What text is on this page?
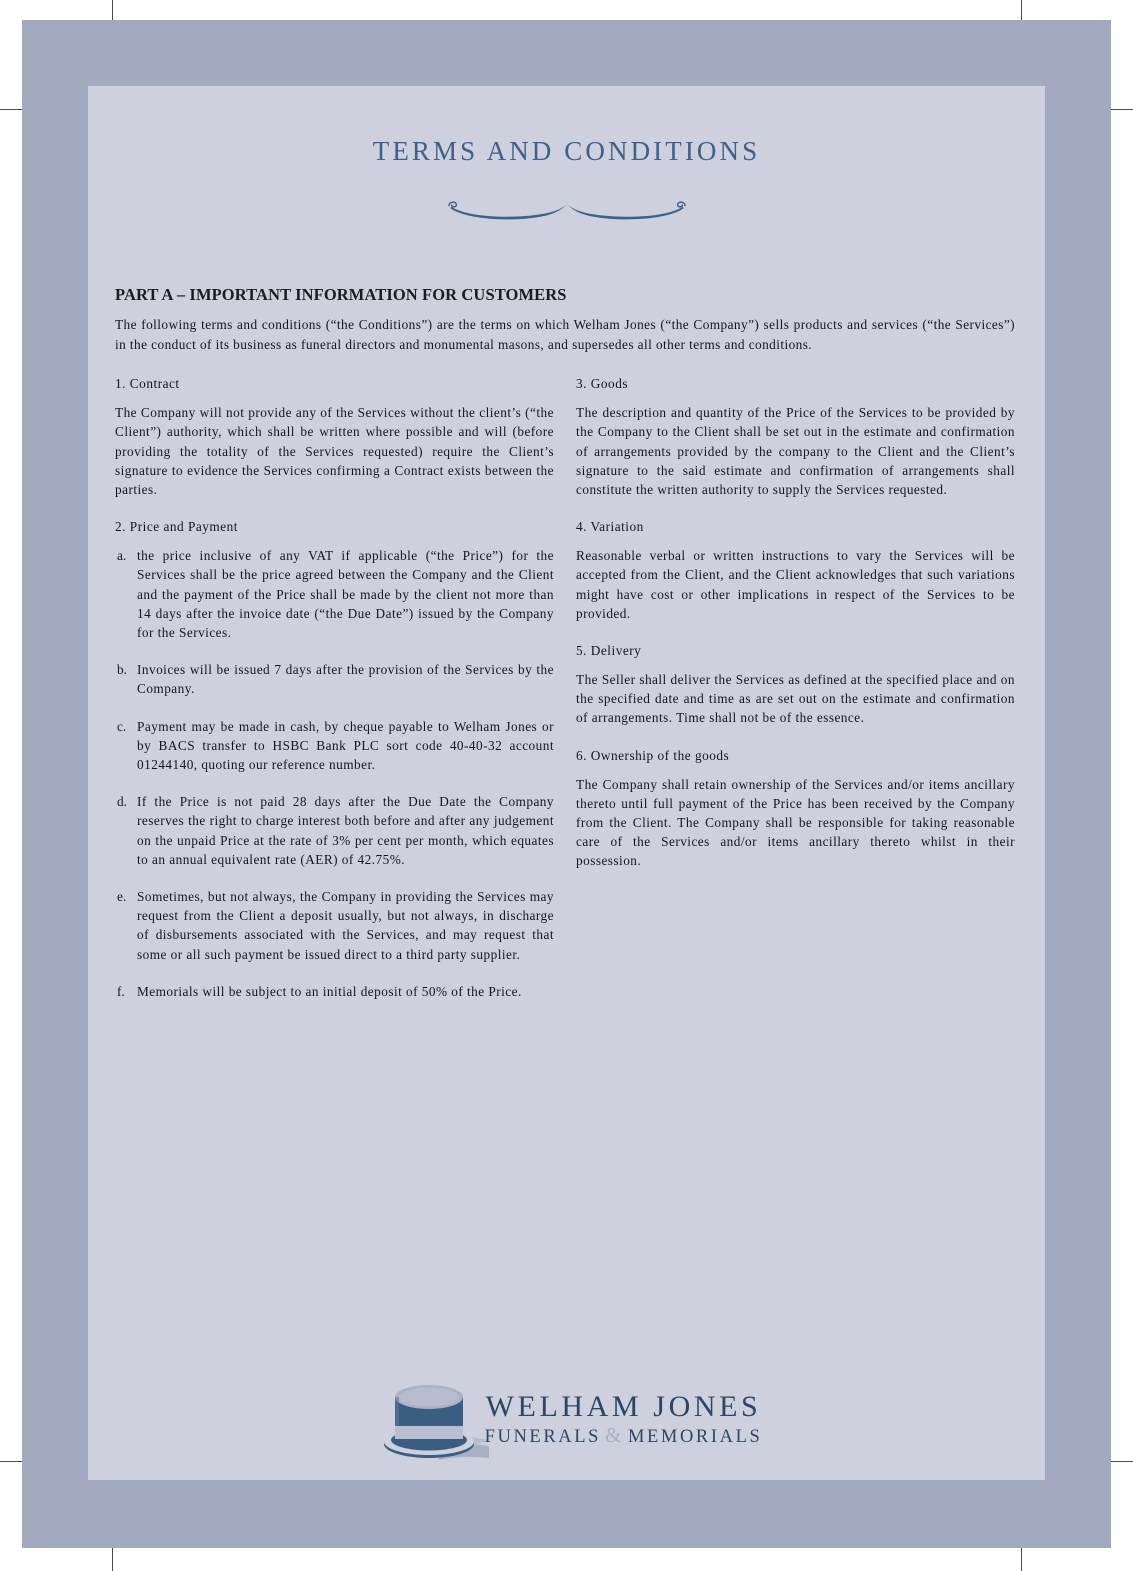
TERMS AND CONDITIONS
PART A – IMPORTANT INFORMATION FOR CUSTOMERS

The following terms and conditions (“the Conditions”) are the terms on which Welham Jones (“the Company”) sells products and services (“the Services”) in the conduct of its business as funeral directors and monumental masons, and supersedes all other terms and conditions.

1. Contract

The Company will not provide any of the Services without the client’s (“the Client”) authority, which shall be written where possible and will (before providing the totality of the Services requested) require the Client’s signature to evidence the Services confirming a Contract exists between the parties.

2. Price and Payment
a. the price inclusive of any VAT if applicable (“the Price”) for the Services shall be the price agreed between the Company and the Client and the payment of the Price shall be made by the client not more than 14 days after the invoice date (“the Due Date”) issued by the Company for the Services.
b. Invoices will be issued 7 days after the provision of the Services by the Company.
c. Payment may be made in cash, by cheque payable to Welham Jones or by BACS transfer to HSBC Bank PLC sort code 40-40-32 account 01244140, quoting our reference number.
d. If the Price is not paid 28 days after the Due Date the Company reserves the right to charge interest both before and after any judgement on the unpaid Price at the rate of 3% per cent per month, which equates to an annual equivalent rate (AER) of 42.75%.
e. Sometimes, but not always, the Company in providing the Services may request from the Client a deposit usually, but not always, in discharge of disbursements associated with the Services, and may request that some or all such payment be issued direct to a third party supplier.
f. Memorials will be subject to an initial deposit of 50% of the Price.
3. Goods

The description and quantity of the Price of the Services to be provided by the Company to the Client shall be set out in the estimate and confirmation of arrangements provided by the company to the Client and the Client’s signature to the said estimate and confirmation of arrangements shall constitute the written authority to supply the Services requested.

4. Variation

Reasonable verbal or written instructions to vary the Services will be accepted from the Client, and the Client acknowledges that such variations might have cost or other implications in respect of the Services to be provided.

5. Delivery

The Seller shall deliver the Services as defined at the specified place and on the specified date and time as are set out on the estimate and confirmation of arrangements. Time shall not be of the essence.

6. Ownership of the goods

The Company shall retain ownership of the Services and/or items ancillary thereto until full payment of the Price has been received by the Company from the Client. The Company shall be responsible for taking reasonable care of the Services and/or items ancillary thereto whilst in their possession.

WELHAM JONES
FUNERALS & MEMORIALS
